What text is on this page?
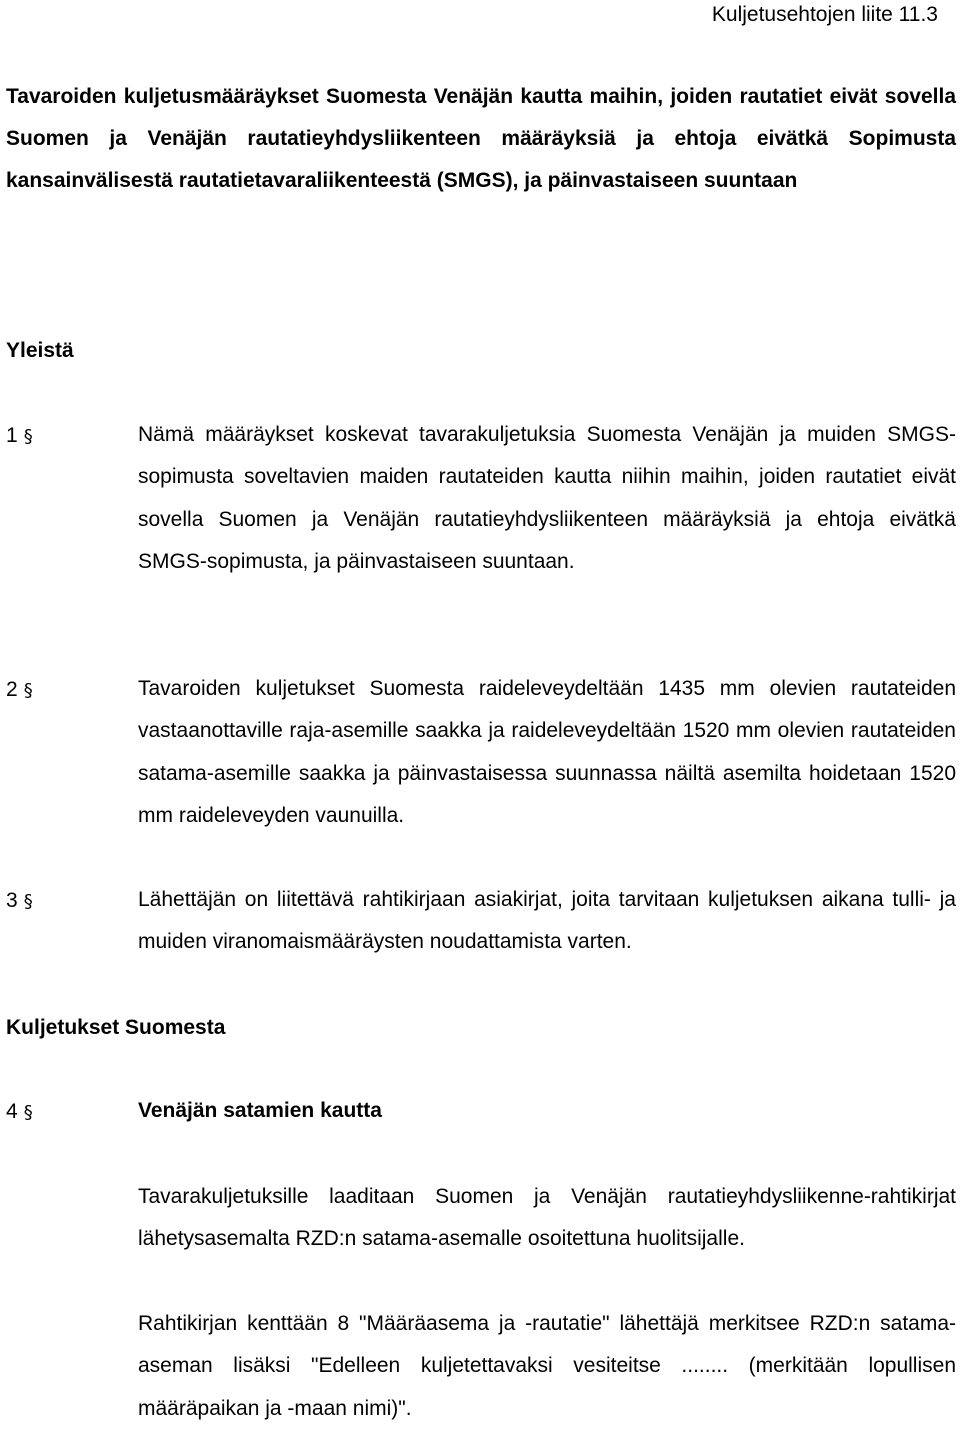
Kuljetusehtojen liite 11.3
Tavaroiden kuljetusmääräykset Suomesta Venäjän kautta maihin, joiden rautatiet eivät sovella Suomen ja Venäjän rautatieyhdysliikenteen määräyksiä ja ehtoja eivätkä Sopimusta kansainvälisestä rautatietavaraliikenteestä (SMGS), ja päinvastaiseen suuntaan
Yleistä
1 §	Nämä määräykset koskevat tavarakuljetuksia Suomesta Venäjän ja muiden SMGS-sopimusta soveltavien maiden rautateiden kautta niihin maihin, joiden rautatiet eivät sovella Suomen ja Venäjän rautatieyhdysliikenteen määräyksiä ja ehtoja eivätkä SMGS-sopimusta, ja päinvastaiseen suuntaan.
2 §	Tavaroiden kuljetukset Suomesta raideleveydeltään 1435 mm olevien rautateiden vastaanottaville raja-asemille saakka ja raideleveydeltään 1520 mm olevien rautateiden satama-asemille saakka ja päinvastaisessa suunnassa näiltä asemilta hoidetaan 1520 mm raideleveyden vaunuilla.
3 §	Lähettäjän on liitettävä rahtikirjaan asiakirjat, joita tarvitaan kuljetuksen aikana tulli- ja muiden viranomaismääräysten noudattamista varten.
Kuljetukset Suomesta
4 §	Venäjän satamien kautta
Tavarakuljetuksille laaditaan Suomen ja Venäjän rautatieyhdysliikenne-rahtikirjat lähetysasemalta RZD:n satama-asemalle osoitettuna huolitsijalle.
Rahtikirjan kenttään 8 "Määräasema ja -rautatie" lähettäjä merkitsee RZD:n satama-aseman lisäksi "Edelleen kuljetettavaksi vesiteitse ........ (merkitään lopullisen määräpaikan ja -maan nimi)".
